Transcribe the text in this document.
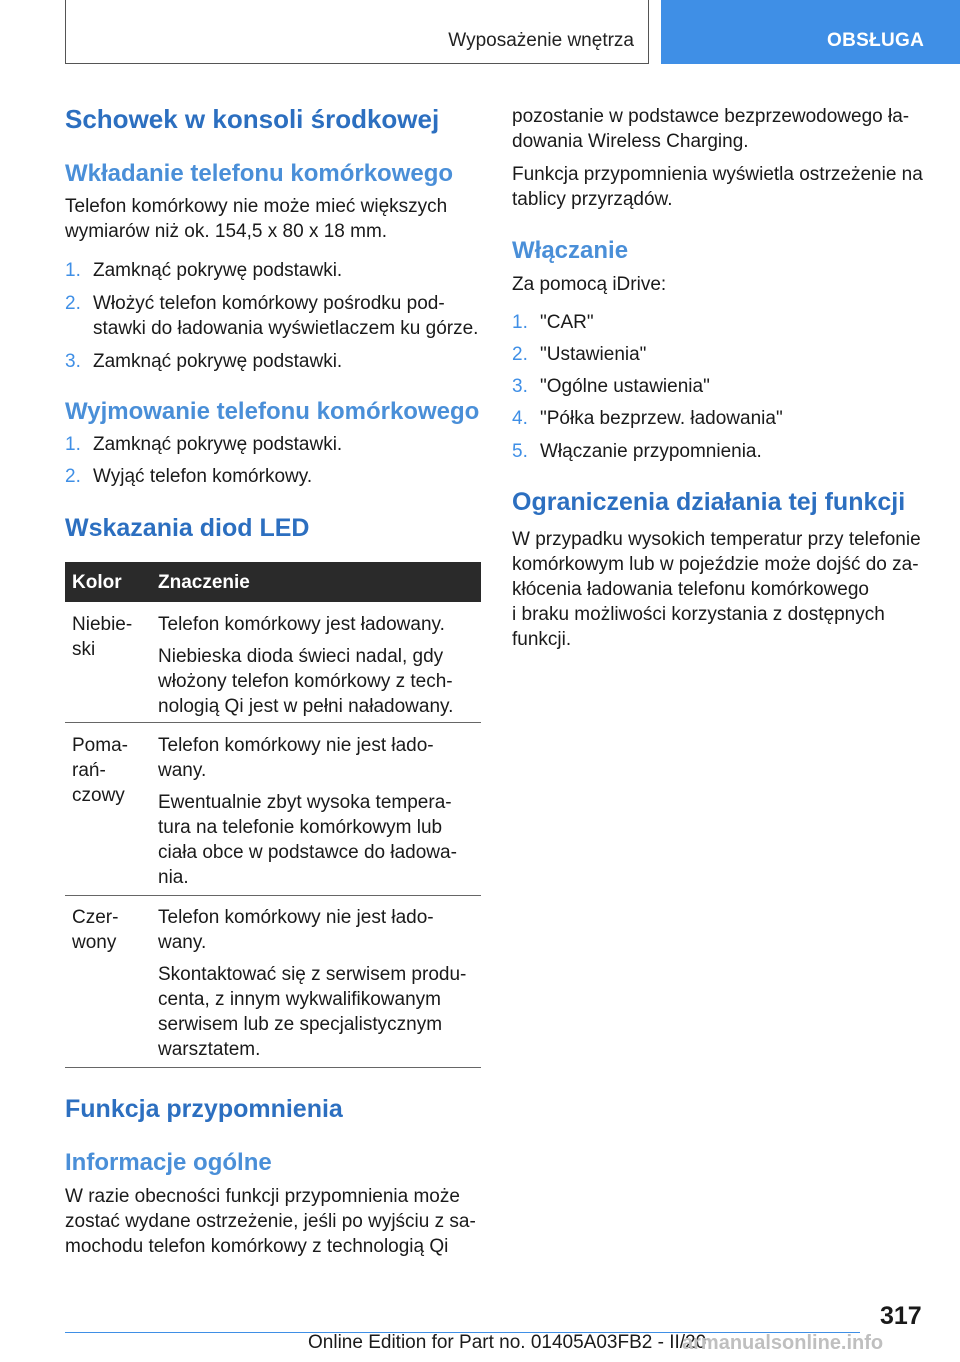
Wyposażenie wnętrza	OBSŁUGA
Schowek w konsoli środkowej
Wkładanie telefonu komórkowego
Telefon komórkowy nie może mieć większych
wymiarów niż ok. 154,5 x 80 x 18 mm.
1. Zamknąć pokrywę podstawki.
2. Włożyć telefon komórkowy pośrodku pod-
stawki do ładowania wyświetlaczem ku górze.
3. Zamknąć pokrywę podstawki.
Wyjmowanie telefonu komórkowego
1. Zamknąć pokrywę podstawki.
2. Wyjąć telefon komórkowy.
Wskazania diod LED
Funkcja przypomnienia
Informacje ogólne
W razie obecności funkcji przypomnienia może
zostać wydane ostrzeżenie, jeśli po wyjściu z sa-
mochodu telefon komórkowy z technologią Qi
Kolor Znaczenie
Niebie-
ski
Telefon komórkowy jest ładowany.
Niebieska dioda świeci nadal, gdy
włożony telefon komórkowy z tech-
nologią Qi jest w pełni naładowany.
Poma-
rań-
czowy
Telefon komórkowy nie jest łado-
wany.
Ewentualnie zbyt wysoka tempera-
tura na telefonie komórkowym lub
ciała obce w podstawce do ładowa-
nia.
Czer-
wony
Telefon komórkowy nie jest łado-
wany.
Skontaktować się z serwisem produ-
centa, z innym wykwalifikowanym
serwisem lub ze specjalistycznym
warsztatem.
pozostanie w podstawce bezprzewodowego ła-
dowania Wireless Charging.
Funkcja przypomnienia wyświetla ostrzeżenie na
tablicy przyrządów.
Włączanie
Za pomocą iDrive:
1. "CAR"
2. "Ustawienia"
3. "Ogólne ustawienia"
4. "Półka bezprzew. ładowania"
5. Włączanie przypomnienia.
Ograniczenia działania tej funkcji
W przypadku wysokich temperatur przy telefonie
komórkowym lub w pojeździe może dojść do za-
kłócenia ładowania telefonu komórkowego
i braku możliwości korzystania z dostępnych
funkcji.
317
Online Edition for Part no. 01405A03FB2 - II/20
armanualsonline.info
